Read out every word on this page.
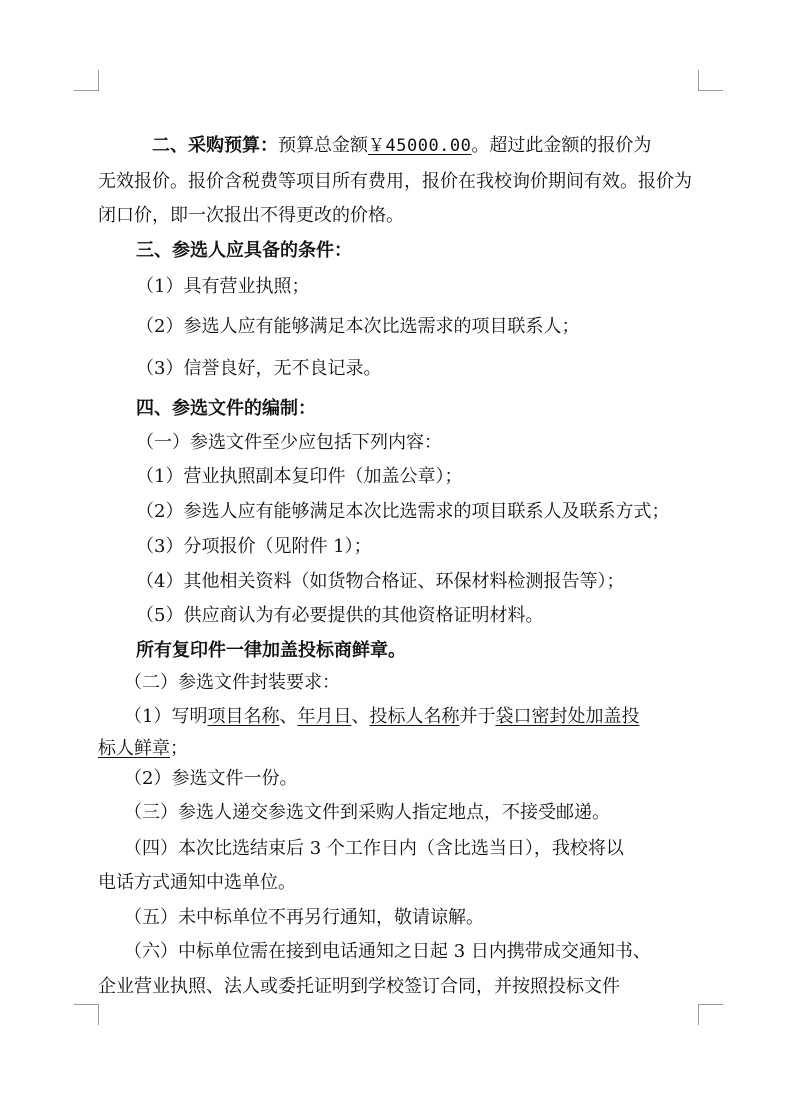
二、采购预算：预算总金额￥45000.00。超过此金额的报价为
无效报价。报价含税费等项目所有费用，报价在我校询价期间有效。报价为
闭口价，即一次报出不得更改的价格。
三、参选人应具备的条件：
（1）具有营业执照；
（2）参选人应有能够满足本次比选需求的项目联系人；
（3）信誉良好，无不良记录。
四、参选文件的编制：
（一）参选文件至少应包括下列内容：
（1）营业执照副本复印件（加盖公章）；
（2）参选人应有能够满足本次比选需求的项目联系人及联系方式；
（3）分项报价（见附件 1）；
（4）其他相关资料（如货物合格证、环保材料检测报告等）；
（5）供应商认为有必要提供的其他资格证明材料。
所有复印件一律加盖投标商鲜章。
（二）参选文件封装要求：
（1）写明项目名称、年月日、投标人名称并于袋口密封处加盖投
标人鲜章；
（2）参选文件一份。
（三）参选人递交参选文件到采购人指定地点，不接受邮递。
（四）本次比选结束后 3 个工作日内（含比选当日），我校将以
电话方式通知中选单位。
（五）未中标单位不再另行通知，敬请谅解。
（六）中标单位需在接到电话通知之日起 3 日内携带成交通知书、
企业营业执照、法人或委托证明到学校签订合同，并按照投标文件
